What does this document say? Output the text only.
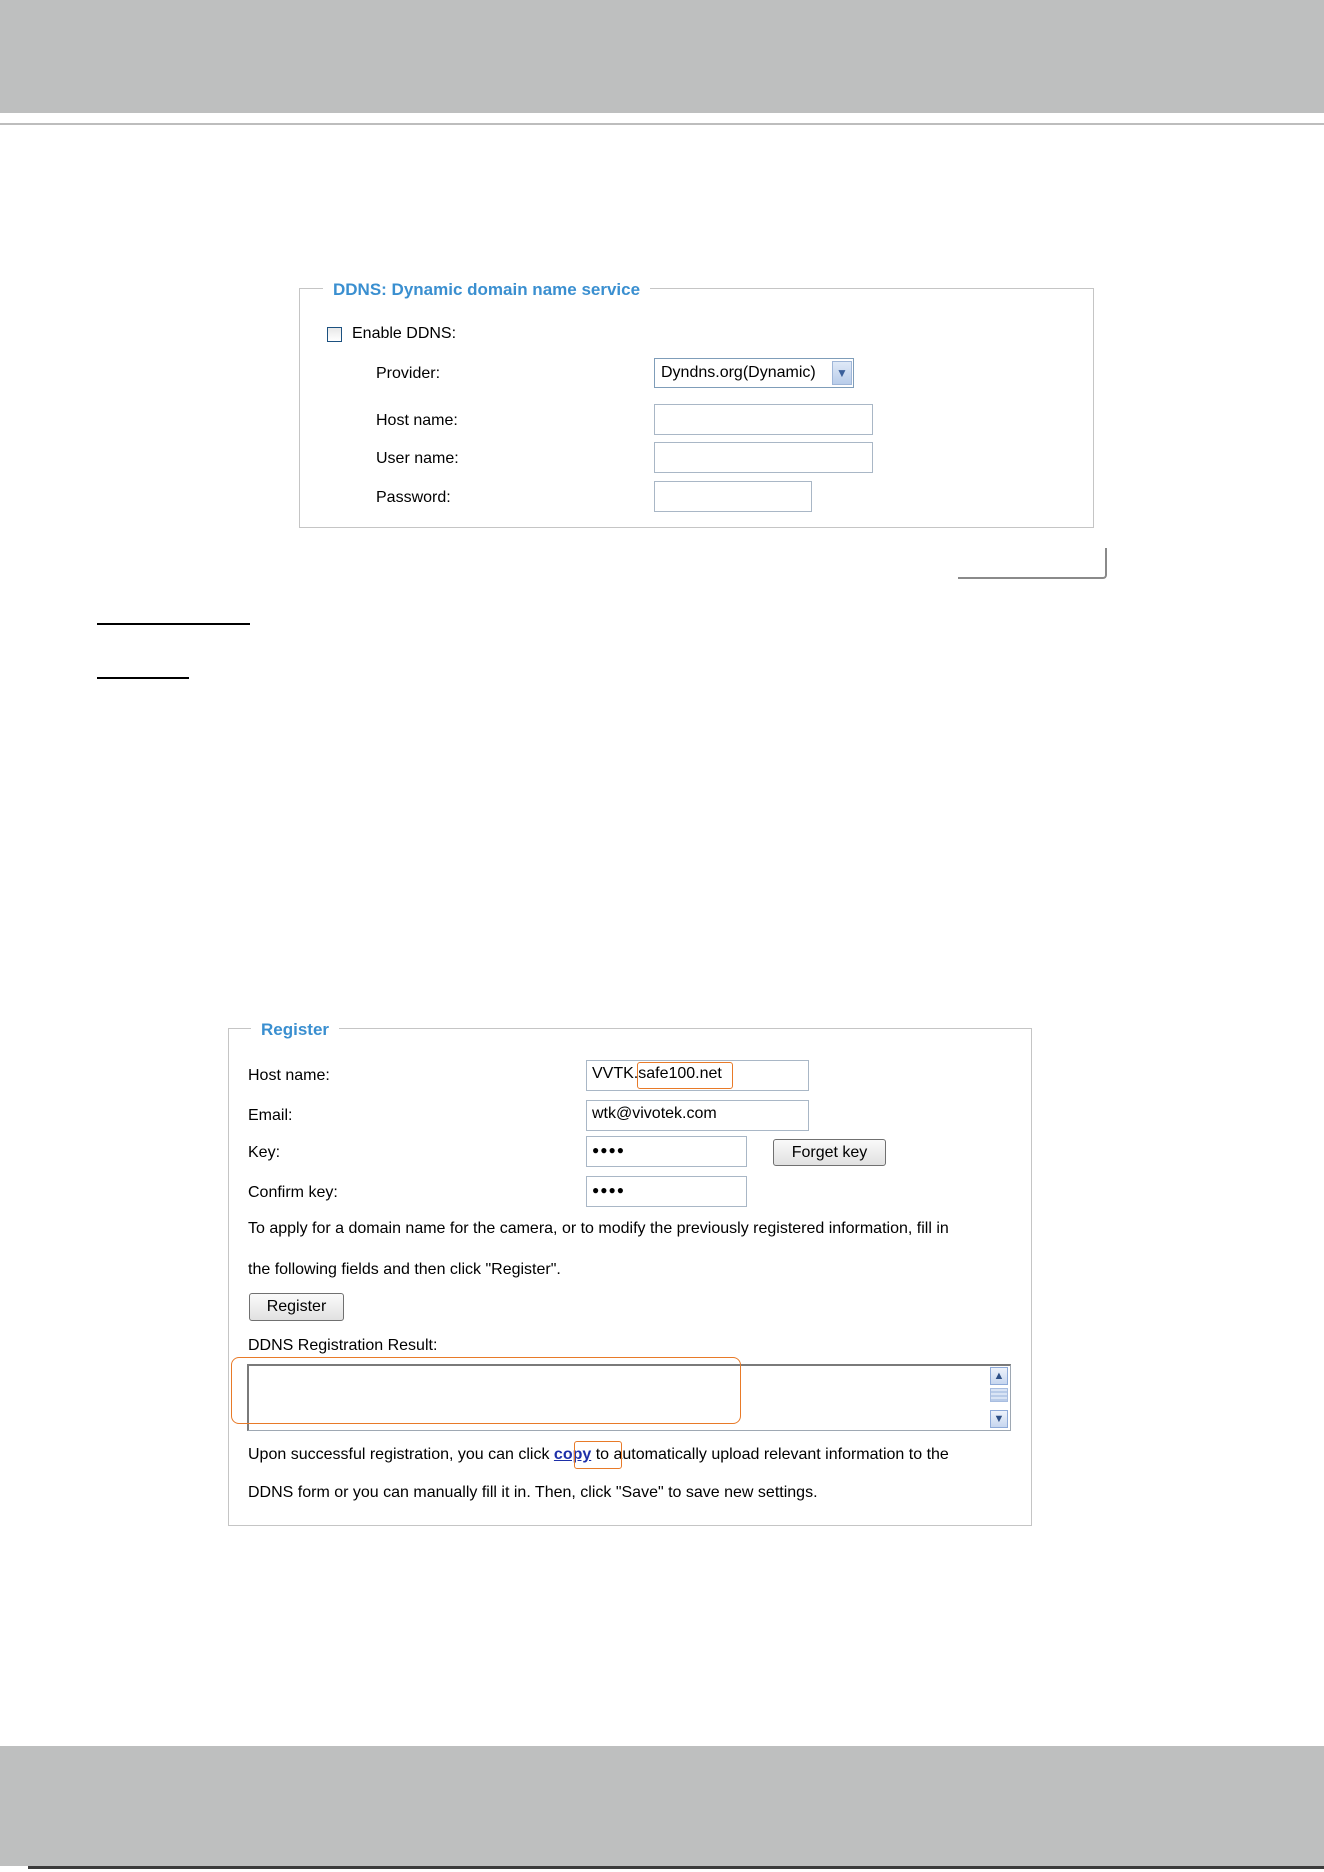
DDNS: Dynamic domain name service
Enable DDNS:
Provider:	Dyndns.org(Dynamic)	▼
Host name:
User name:
Password:
Register
Host name:	VVTK.safe100.net
Email:	wtk@vivotek.com
Key:	●●●●	Forget key
Confirm key:	●●●●
To apply for a domain name for the camera, or to modify the previously registered information, fill in
the following fields and then click "Register".
Register
DDNS Registration Result:
▲
▼
Upon successful registration, you can click copy to automatically upload relevant information to the
DDNS form or you can manually fill it in. Then, click "Save" to save new settings.
